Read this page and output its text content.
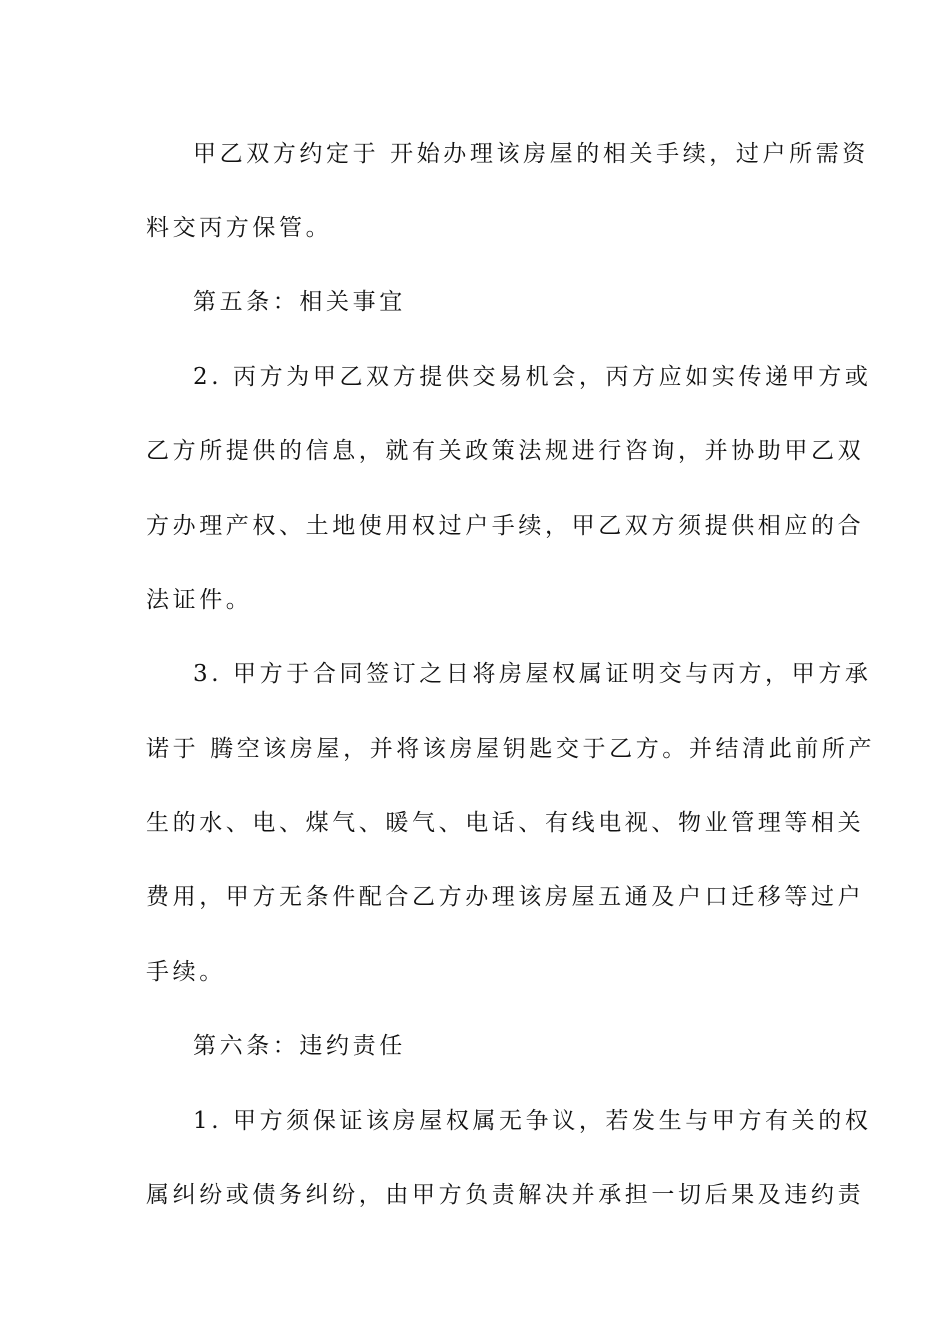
甲乙双方约定于 开始办理该房屋的相关手续，过户所需资
料交丙方保管。
第五条：相关事宜
2. 丙方为甲乙双方提供交易机会，丙方应如实传递甲方或
乙方所提供的信息，就有关政策法规进行咨询，并协助甲乙双
方办理产权、土地使用权过户手续，甲乙双方须提供相应的合
法证件。
3. 甲方于合同签订之日将房屋权属证明交与丙方，甲方承
诺于 腾空该房屋，并将该房屋钥匙交于乙方。并结清此前所产
生的水、电、煤气、暖气、电话、有线电视、物业管理等相关
费用，甲方无条件配合乙方办理该房屋五通及户口迁移等过户
手续。
第六条：违约责任
1. 甲方须保证该房屋权属无争议，若发生与甲方有关的权
属纠纷或债务纠纷，由甲方负责解决并承担一切后果及违约责
